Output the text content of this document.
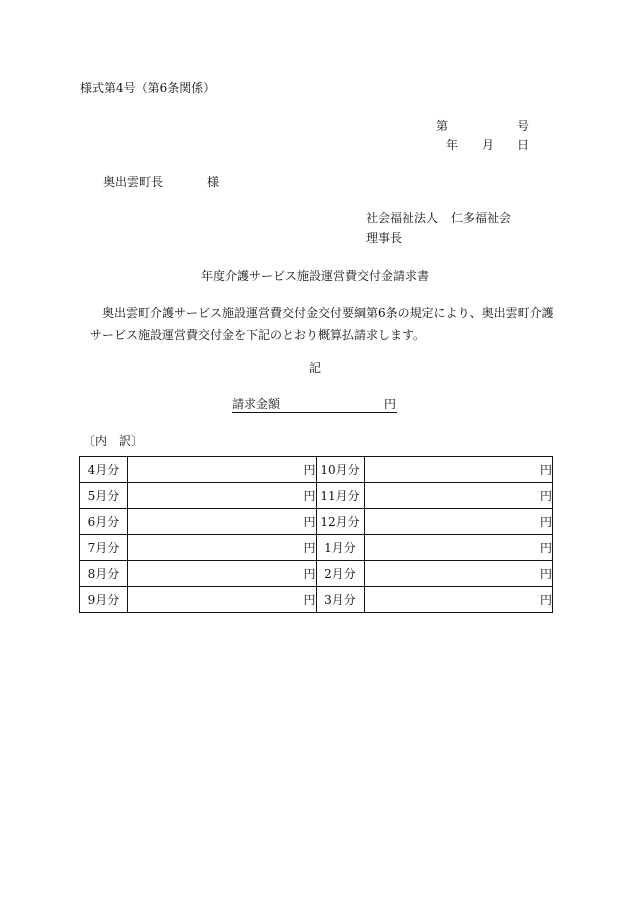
様式第4号（第6条関係）
第	号
年 月 日
奥出雲町長	様
社会福祉法人 仁多福祉会
理事長
年度介護サービス施設運営費交付金請求書

　奥出雲町介護サービス施設運営費交付金交付要綱第6条の規定により、奥出雲町介護

サービス施設運営費交付金を下記のとおり概算払請求します。

記
請求金額	円
〔内　訳〕
4月分	円	10月分	円
5月分	円	11月分	円
6月分	円	12月分	円
7月分	円	1月分	円
8月分	円	2月分	円
9月分	円	3月分	円
